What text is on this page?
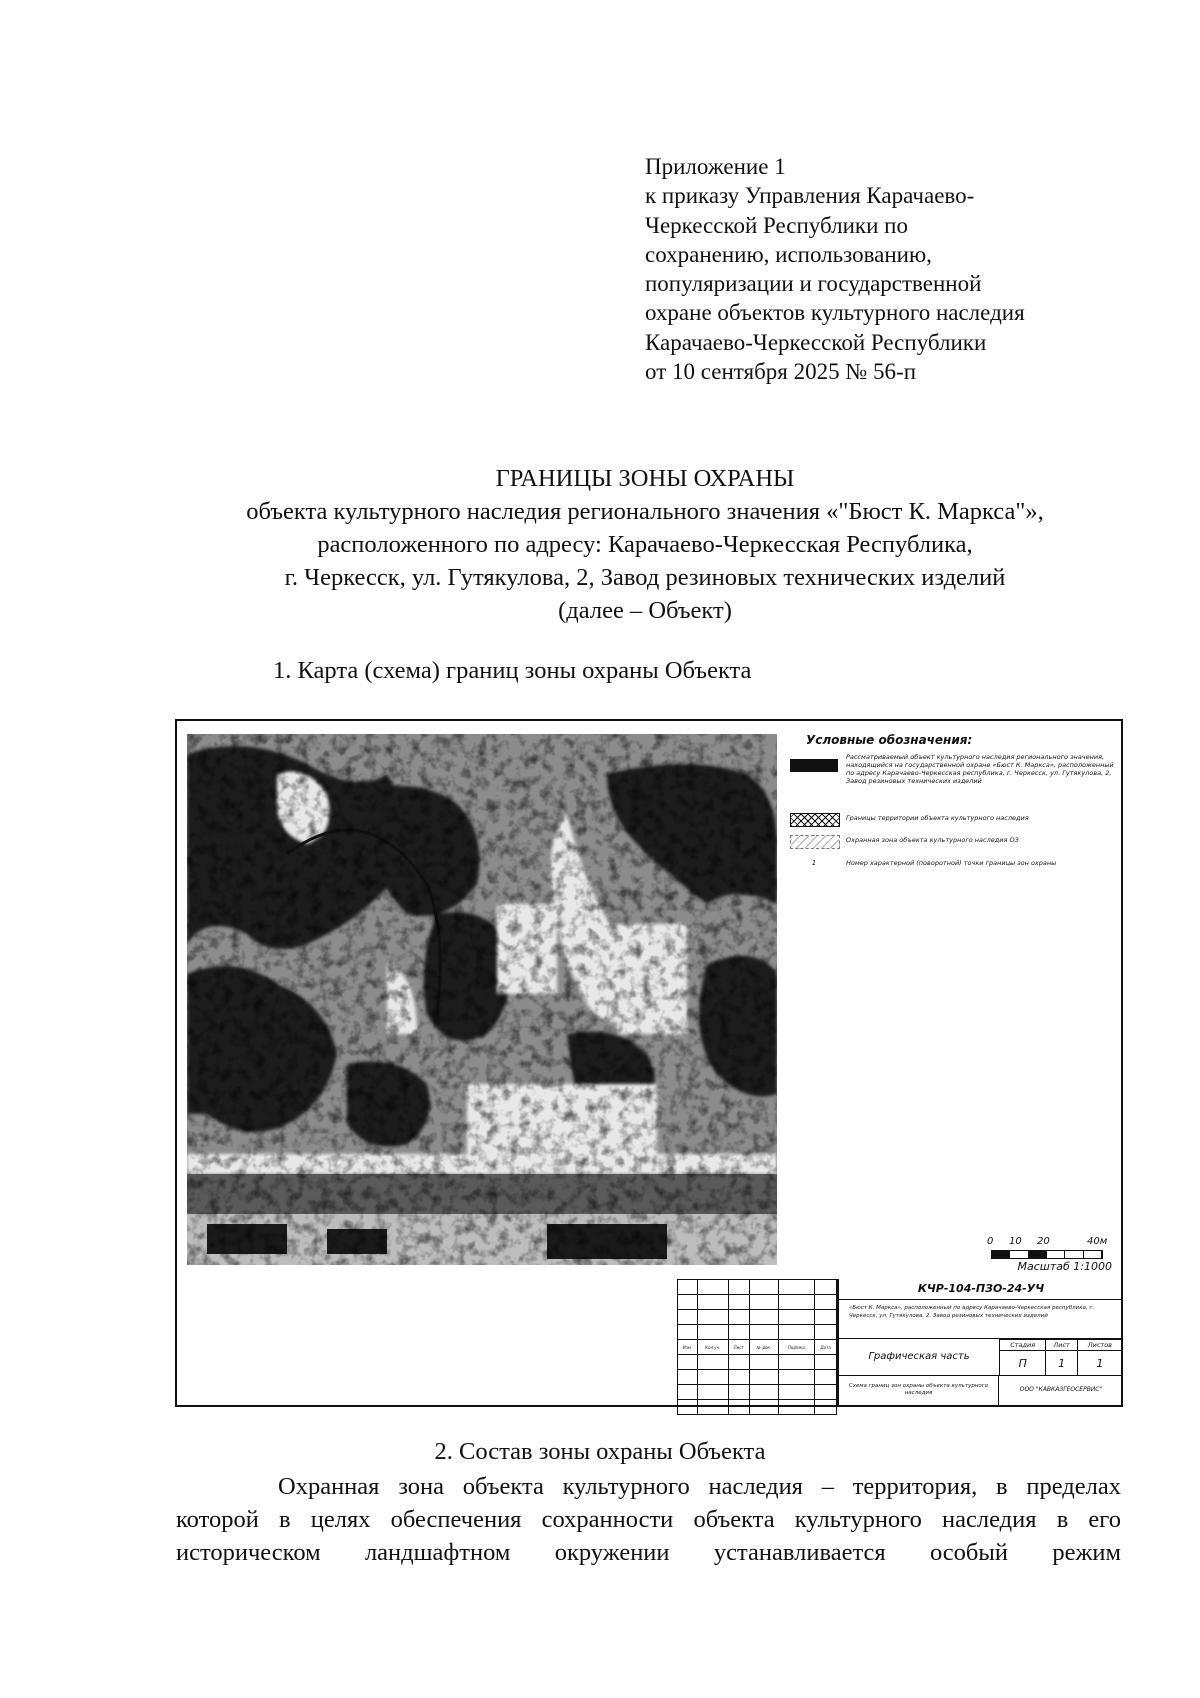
Приложение 1
к приказу Управления Карачаево-
Черкесской Республики по
сохранению, использованию,
популяризации и государственной
охране объектов культурного наследия
Карачаево-Черкесской Республики
от 10 сентября 2025 № 56-п
ГРАНИЦЫ ЗОНЫ ОХРАНЫ
объекта культурного наследия регионального значения «"Бюст К. Маркса"»,
расположенного по адресу: Карачаево-Черкесская Республика,
г. Черкесск, ул. Гутякулова, 2, Завод резиновых технических изделий
(далее – Объект)
1. Карта (схема) границ зоны охраны Объекта
Условные обозначения:
Рассматриваемый объект культурного наследия регионального значения, находящийся на государственной охране «Бюст К. Маркса», расположенный по адресу Карачаево-Черкесская республика, г. Черкесск, ул. Гутякулова, 2, Завод резиновых технических изделий
Границы территории объекта культурного наследия
Охранная зона объекта культурного наследия ОЗ
1	Номер характерной (поворотной) точки границы зон охраны
0 10 20	40м
Масштаб 1:1000

Изм.	Кол.уч.	Лист	№ док.	Подпись	Дата

КЧР-104-ПЗО-24-УЧ
«Бюст К. Маркса», расположенный по адресу Карачаево-Черкесская республика, г. Черкесск, ул. Гутякулова, 2, Завод резиновых технических изделий
Графическая часть
Стадия	Лист	Листов
П	1	1
Схема границ зон охраны объекта культурного наследия	ООО "КАВКАЗГЕОСЕРВИС"
2. Состав зоны охраны Объекта
Охранная зона объекта культурного наследия – территория, в пределах
которой в целях обеспечения сохранности объекта культурного наследия в его
историческом ландшафтном окружении устанавливается особый режим
